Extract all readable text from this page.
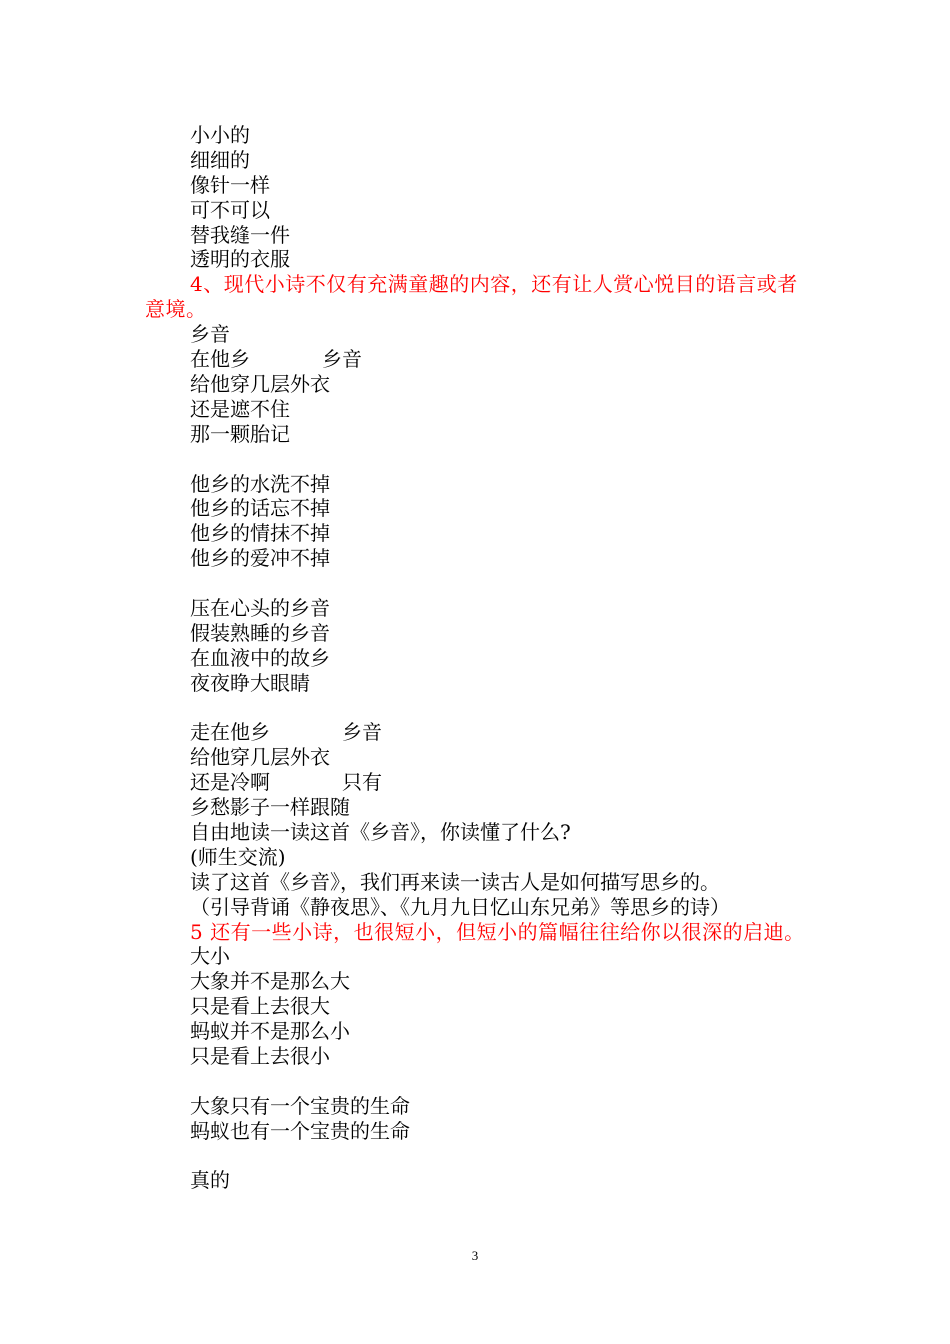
小小的
细细的
像针一样
可不可以
替我缝一件
透明的衣服
4、现代小诗不仅有充满童趣的内容，还有让人赏心悦目的语言或者意境。
乡音
在他乡	乡音
给他穿几层外衣
还是遮不住
那一颗胎记
他乡的水洗不掉
他乡的话忘不掉
他乡的情抹不掉
他乡的爱冲不掉
压在心头的乡音
假装熟睡的乡音
在血液中的故乡
夜夜睁大眼睛
走在他乡	乡音
给他穿几层外衣
还是冷啊	只有
乡愁影子一样跟随
自由地读一读这首《乡音》，你读懂了什么?
(师生交流)
读了这首《乡音》，我们再来读一读古人是如何描写思乡的。
（引导背诵《静夜思》、《九月九日忆山东兄弟》等思乡的诗）
5 还有一些小诗，也很短小，但短小的篇幅往往给你以很深的启迪。
大小
大象并不是那么大
只是看上去很大
蚂蚁并不是那么小
只是看上去很小
大象只有一个宝贵的生命
蚂蚁也有一个宝贵的生命
真的
3
